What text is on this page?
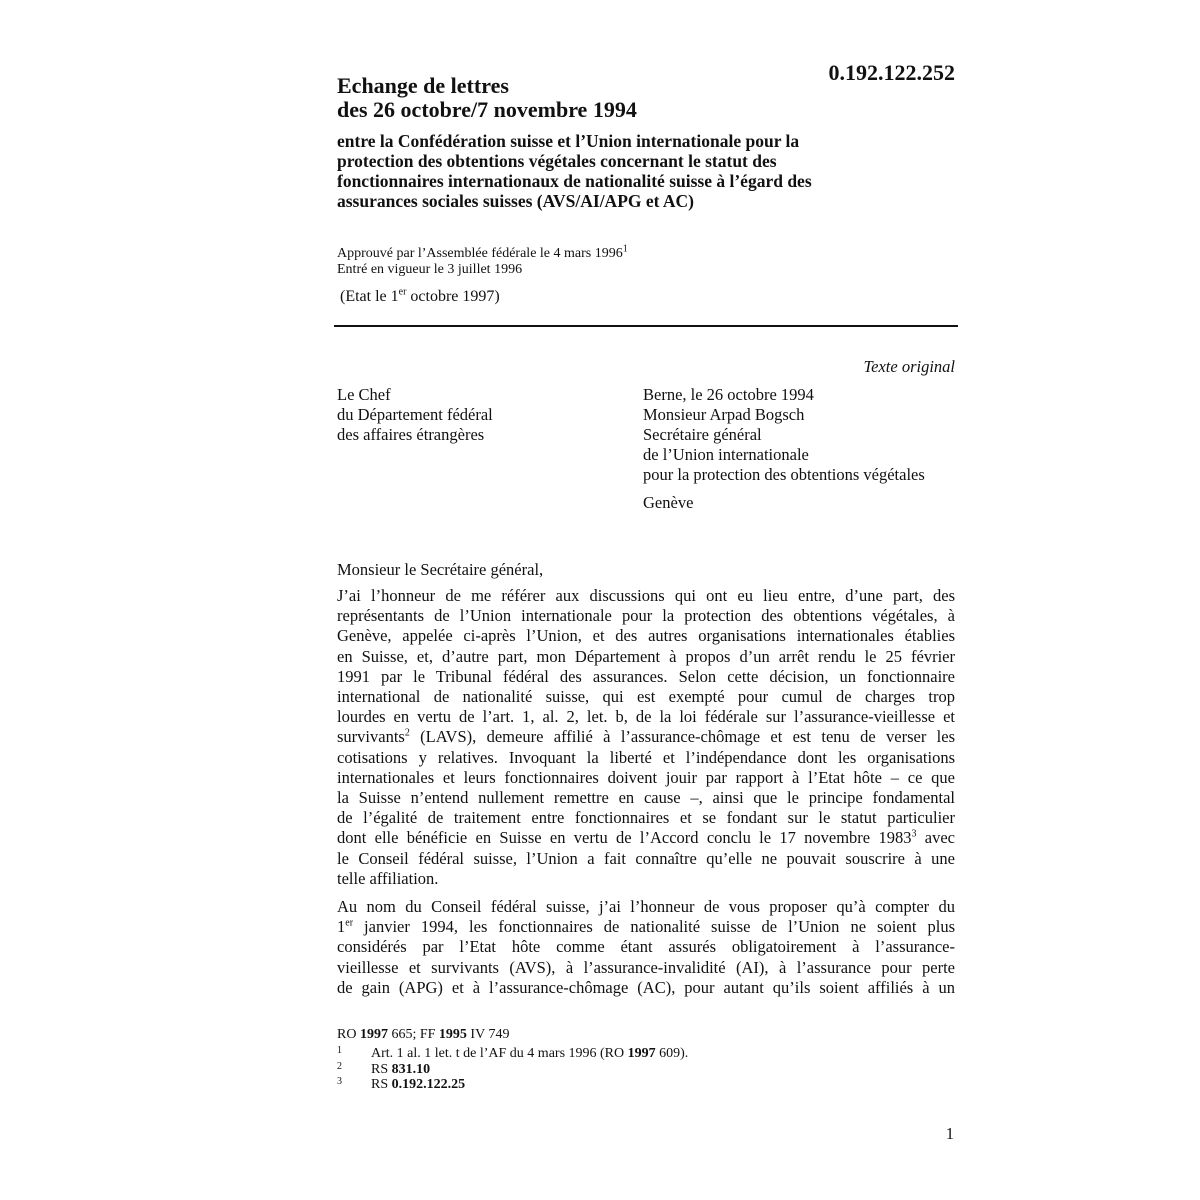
0.192.122.252
Echange de lettres
des 26 octobre/7 novembre 1994
entre la Confédération suisse et l’Union internationale pour la
protection des obtentions végétales concernant le statut des
fonctionnaires internationaux de nationalité suisse à l’égard des
assurances sociales suisses (AVS/AI/APG et AC)
Approuvé par l’Assemblée fédérale le 4 mars 1996$^1$
Entré en vigueur le 3 juillet 1996
(Etat le 1er octobre 1997)
Texte original
Le Chef
du Département fédéral
des affaires étrangères
Berne, le 26 octobre 1994
Monsieur Arpad Bogsch
Secrétaire général
de l’Union internationale
pour la protection des obtentions végétales
Genève
Monsieur le Secrétaire général,
J’ai l’honneur de me référer aux discussions qui ont eu lieu entre, d’une part, des
représentants de l’Union internationale pour la protection des obtentions végétales, à
Genève, appelée ci-après l’Union, et des autres organisations internationales établies
en Suisse, et, d’autre part, mon Département à propos d’un arrêt rendu le 25 février
1991 par le Tribunal fédéral des assurances. Selon cette décision, un fonctionnaire
international de nationalité suisse, qui est exempté pour cumul de charges trop
lourdes en vertu de l’art. 1, al. 2, let. b, de la loi fédérale sur l’assurance-vieillesse et
survivants$^2$ (LAVS), demeure affilié à l’assurance-chômage et est tenu de verser les
cotisations y relatives. Invoquant la liberté et l’indépendance dont les organisations
internationales et leurs fonctionnaires doivent jouir par rapport à l’Etat hôte – ce que
la Suisse n’entend nullement remettre en cause –, ainsi que le principe fondamental
de l’égalité de traitement entre fonctionnaires et se fondant sur le statut particulier
dont elle bénéficie en Suisse en vertu de l’Accord conclu le 17 novembre 1983$^3$ avec
le Conseil fédéral suisse, l’Union a fait connaître qu’elle ne pouvait souscrire à une
telle affiliation.
Au nom du Conseil fédéral suisse, j’ai l’honneur de vous proposer qu’à compter du
1er janvier 1994, les fonctionnaires de nationalité suisse de l’Union ne soient plus
considérés par l’Etat hôte comme étant assurés obligatoirement à l’assurance-
vieillesse et survivants (AVS), à l’assurance-invalidité (AI), à l’assurance pour perte
de gain (APG) et à l’assurance-chômage (AC), pour autant qu’ils soient affiliés à un
RO 1997 665; FF 1995 IV 749
1 Art. 1 al. 1 let. t de l’AF du 4 mars 1996 (RO 1997 609).
2 RS 831.10
3 RS 0.192.122.25
1
